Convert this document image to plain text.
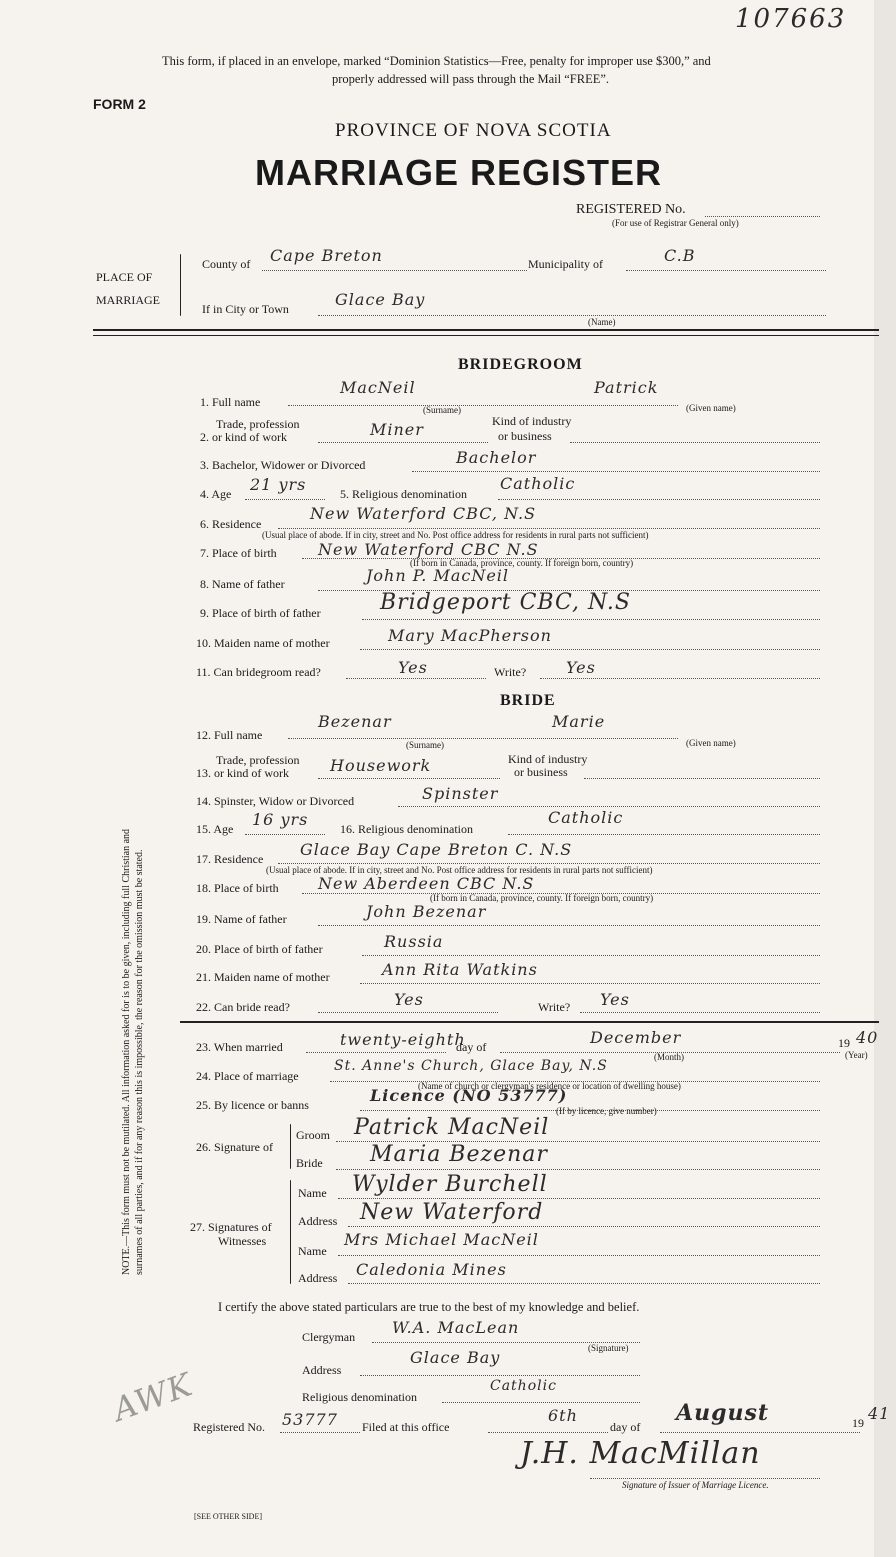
107663
This form, if placed in an envelope, marked “Dominion Statistics—Free, penalty for improper use $300,” and
properly addressed will pass through the Mail “FREE”.
FORM 2
PROVINCE OF NOVA SCOTIA
MARRIAGE REGISTER
REGISTERED No.
(For use of Registrar General only)
PLACE OF
MARRIAGE
County of Cape Breton	Municipality of	C.B
If in City or Town	Glace Bay
(Name)
BRIDEGROOM
1. Full name
MacNeil	Patrick
(Surname)	(Given name)
Trade, profession
2. or kind of work	Miner	Kind of industry
or business
3. Bachelor, Widower or Divorced	Bachelor
4. Age 21 yrs	5. Religious denomination
Catholic
6. Residence
New Waterford CBC, N.S
(Usual place of abode. If in city, street and No. Post office address for residents in rural parts not sufficient)
7. Place of birth	New Waterford CBC N.S
(If born in Canada, province, county. If foreign born, country)
8. Name of father	John P. MacNeil
9. Place of birth of father	Bridgeport CBC, N.S
10. Maiden name of mother	Mary MacPherson
11. Can bridegroom read?	Yes	Write? Yes
BRIDE
12. Full name
Bezenar	Marie
(Surname)	(Given name)
Trade, profession
13. or kind of work	Housework	Kind of industry
or business
14. Spinster, Widow or Divorced	Spinster
15. Age 16 yrs	16. Religious denomination
Catholic
17. Residence Glace Bay Cape Breton C. N.S
(Usual place of abode. If in city, street and No. Post office address for residents in rural parts not sufficient)
18. Place of birth New Aberdeen CBC N.S
(If born in Canada, province, county. If foreign born, country)
19. Name of father	John Bezenar
20. Place of birth of father	Russia
21. Maiden name of mother	Ann Rita Watkins
22. Can bride read?	Yes	Write? Yes
23. When married	twenty-eighth
day of	December
(Month)
19 40
(Year)
24. Place of marriage
St. Anne's Church, Glace Bay, N.S
(Name of church or clergyman's residence or location of dwelling house)
25. By licence or banns	Licence (NO 53777)
(If by licence, give number)
26. Signature of
Groom Patrick MacNeil
Bride Maria Bezenar
27. Signatures of
Witnesses
Name Wylder Burchell
Address New Waterford
Name
Mrs Michael MacNeil
Address Caledonia Mines
I certify the above stated particulars are true to the best of my knowledge and belief.
Clergyman W.A. MacLean
(Signature)
Address
Glace Bay
Religious denomination
Catholic
AWK
Registered No. 53777 Filed at this office
6th
day of
August	19 41
J.H. MacMillan
Signature of Issuer of Marriage Licence.
[SEE OTHER SIDE]
NOTE.—This form must not be mutilated. All information asked for is to be given, including full Christian and surnames of all parties, and if for any reason this is impossible, the reason for the omission must be stated.
